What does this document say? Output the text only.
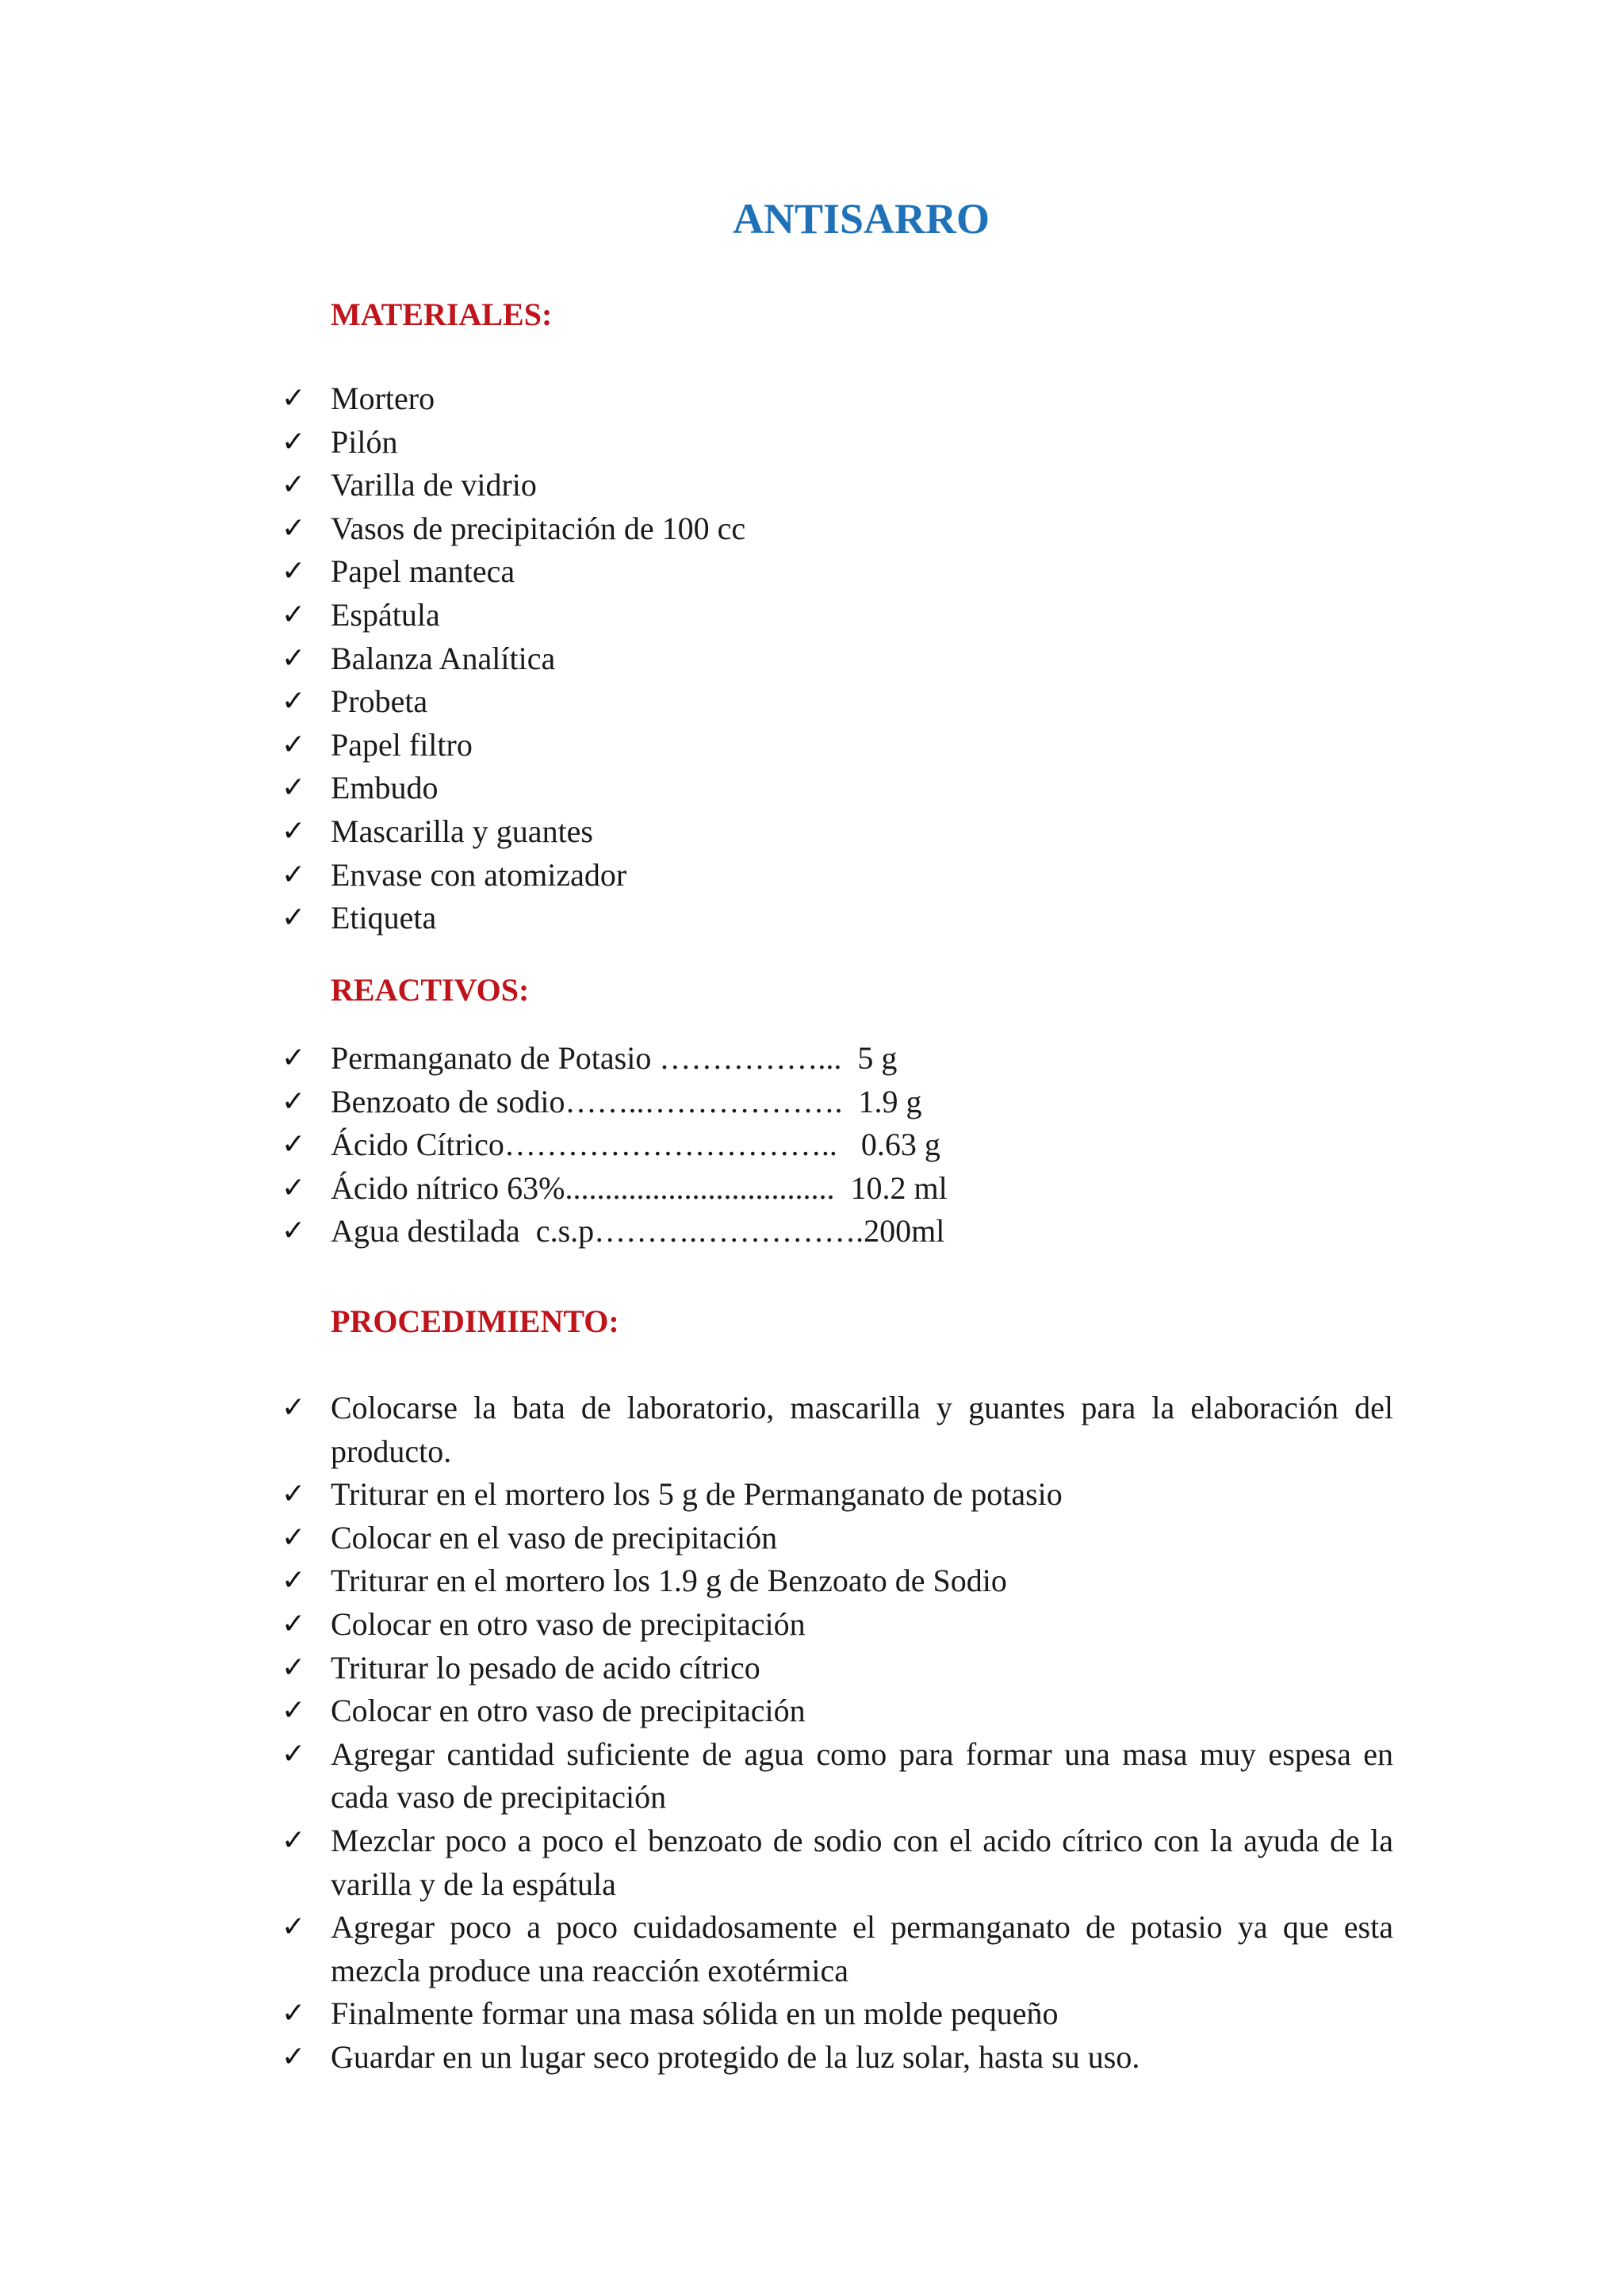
ANTISARRO
MATERIALES:
✓ Mortero
✓ Pilón
✓ Varilla de vidrio
✓ Vasos de precipitación de 100 cc
✓ Papel manteca
✓ Espátula
✓ Balanza Analítica
✓ Probeta
✓ Papel filtro
✓ Embudo
✓ Mascarilla y guantes
✓ Envase con atomizador
✓ Etiqueta
REACTIVOS:
✓ Permanganato de Potasio ……………...  5 g
✓ Benzoato de sodio……..……………….  1.9 g
✓ Ácido Cítrico…………………………..   0.63 g
✓ Ácido nítrico 63%..................................  10.2 ml
✓ Agua destilada  c.s.p……….…………….200ml
PROCEDIMIENTO:
✓ Colocarse la bata de laboratorio, mascarilla y guantes para la elaboración del producto.
✓ Triturar en el mortero los 5 g de Permanganato de potasio
✓ Colocar en el vaso de precipitación
✓ Triturar en el mortero los 1.9 g de Benzoato de Sodio
✓ Colocar en otro vaso de precipitación
✓ Triturar lo pesado de acido cítrico
✓ Colocar en otro vaso de precipitación
✓ Agregar cantidad suficiente de agua como para formar una masa muy espesa en cada vaso de precipitación
✓ Mezclar poco a poco el benzoato de sodio con el acido cítrico con la ayuda de la varilla y de la espátula
✓ Agregar poco a poco cuidadosamente el permanganato de potasio ya que esta mezcla produce una reacción exotérmica
✓ Finalmente formar una masa sólida en un molde pequeño
✓ Guardar en un lugar seco protegido de la luz solar, hasta su uso.
